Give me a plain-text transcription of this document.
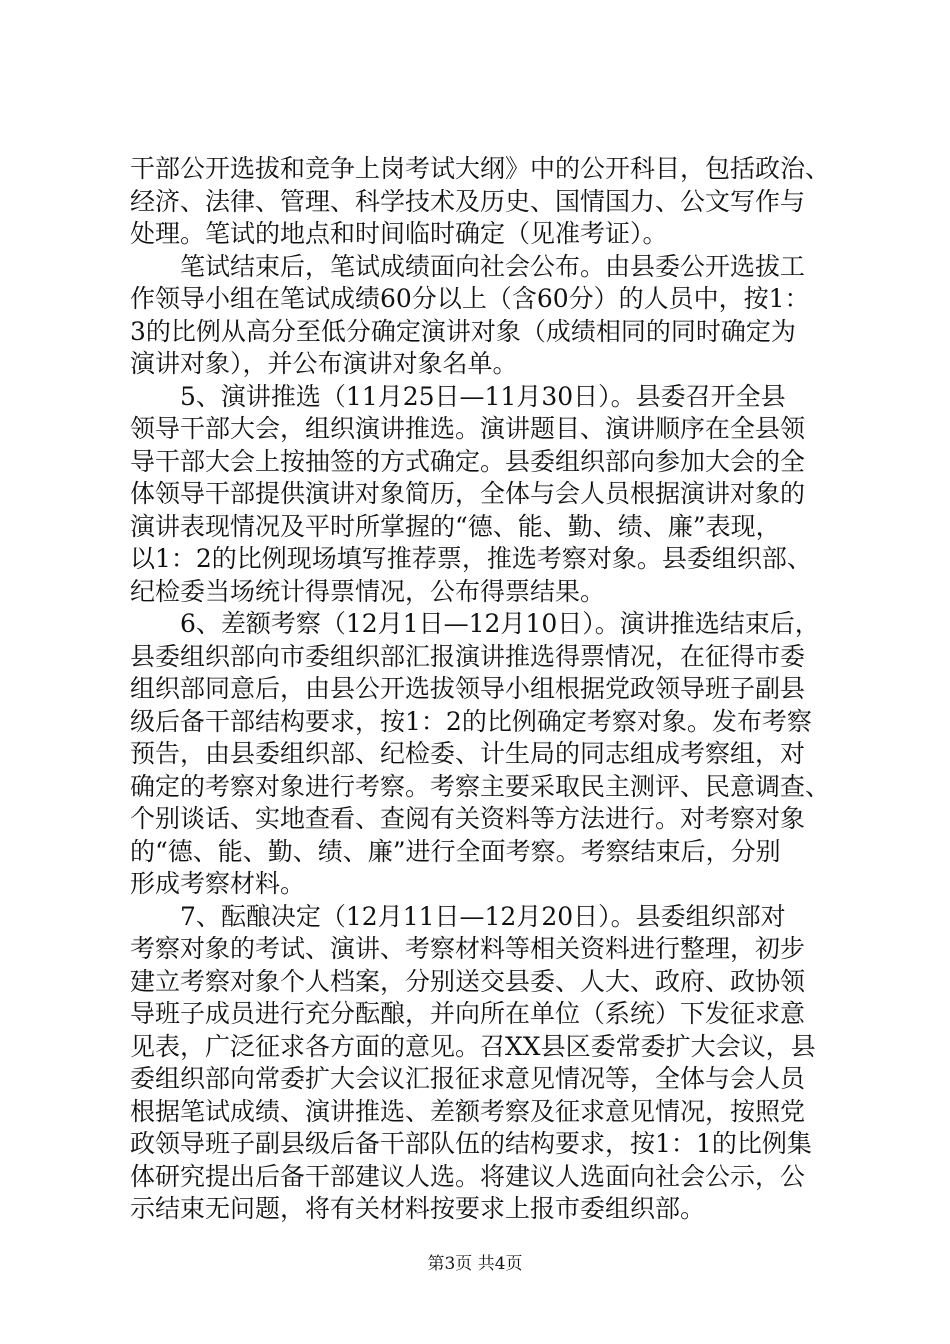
干部公开选拔和竞争上岗考试大纲》中的公开科目，包括政治、
经济、法律、管理、科学技术及历史、国情国力、公文写作与
处理。笔试的地点和时间临时确定（见准考证）。
　　笔试结束后，笔试成绩面向社会公布。由县委公开选拔工
作领导小组在笔试成绩60分以上（含60分）的人员中，按1：
3的比例从高分至低分确定演讲对象（成绩相同的同时确定为
演讲对象），并公布演讲对象名单。
　　5、演讲推选（11月25日—11月30日）。县委召开全县
领导干部大会，组织演讲推选。演讲题目、演讲顺序在全县领
导干部大会上按抽签的方式确定。县委组织部向参加大会的全
体领导干部提供演讲对象简历，全体与会人员根据演讲对象的
演讲表现情况及平时所掌握的“德、能、勤、绩、廉”表现，
以1：2的比例现场填写推荐票，推选考察对象。县委组织部、
纪检委当场统计得票情况，公布得票结果。
　　6、差额考察（12月1日—12月10日）。演讲推选结束后，
县委组织部向市委组织部汇报演讲推选得票情况，在征得市委
组织部同意后，由县公开选拔领导小组根据党政领导班子副县
级后备干部结构要求，按1：2的比例确定考察对象。发布考察
预告，由县委组织部、纪检委、计生局的同志组成考察组，对
确定的考察对象进行考察。考察主要采取民主测评、民意调查、
个别谈话、实地查看、查阅有关资料等方法进行。对考察对象
的“德、能、勤、绩、廉”进行全面考察。考察结束后，分别
形成考察材料。
　　7、酝酿决定（12月11日—12月20日）。县委组织部对
考察对象的考试、演讲、考察材料等相关资料进行整理，初步
建立考察对象个人档案，分别送交县委、人大、政府、政协领
导班子成员进行充分酝酿，并向所在单位（系统）下发征求意
见表，广泛征求各方面的意见。召XX县区委常委扩大会议，县
委组织部向常委扩大会议汇报征求意见情况等，全体与会人员
根据笔试成绩、演讲推选、差额考察及征求意见情况，按照党
政领导班子副县级后备干部队伍的结构要求，按1：1的比例集
体研究提出后备干部建议人选。将建议人选面向社会公示，公
示结束无问题，将有关材料按要求上报市委组织部。
第3页 共4页
